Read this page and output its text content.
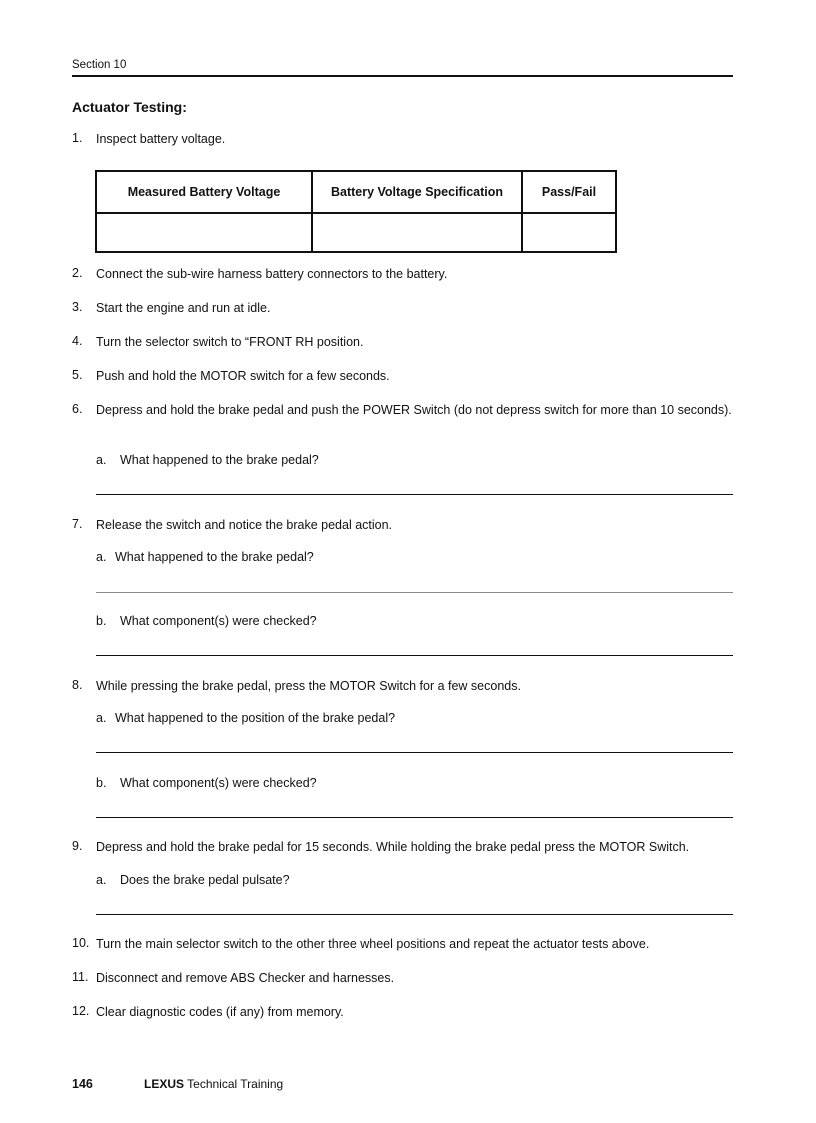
Section 10
Actuator Testing:
1. Inspect battery voltage.
Measured Battery Voltage	Battery Voltage Specification	Pass/Fail

2. Connect the sub-wire harness battery connectors to the battery.
3. Start the engine and run at idle.
4. Turn the selector switch to “FRONT RH position.
5. Push and hold the MOTOR switch for a few seconds.
6. Depress and hold the brake pedal and push the POWER Switch (do not depress switch for more than 10 seconds).
a. What happened to the brake pedal?
7. Release the switch and notice the brake pedal action.
a. What happened to the brake pedal?
b. What component(s) were checked?
8. While pressing the brake pedal, press the MOTOR Switch for a few seconds.
a. What happened to the position of the brake pedal?
b. What component(s) were checked?
9. Depress and hold the brake pedal for 15 seconds. While holding the brake pedal press the MOTOR Switch.
a. Does the brake pedal pulsate?
10. Turn the main selector switch to the other three wheel positions and repeat the actuator tests above.
11. Disconnect and remove ABS Checker and harnesses.
12. Clear diagnostic codes (if any) from memory.
146	LEXUS Technical Training
